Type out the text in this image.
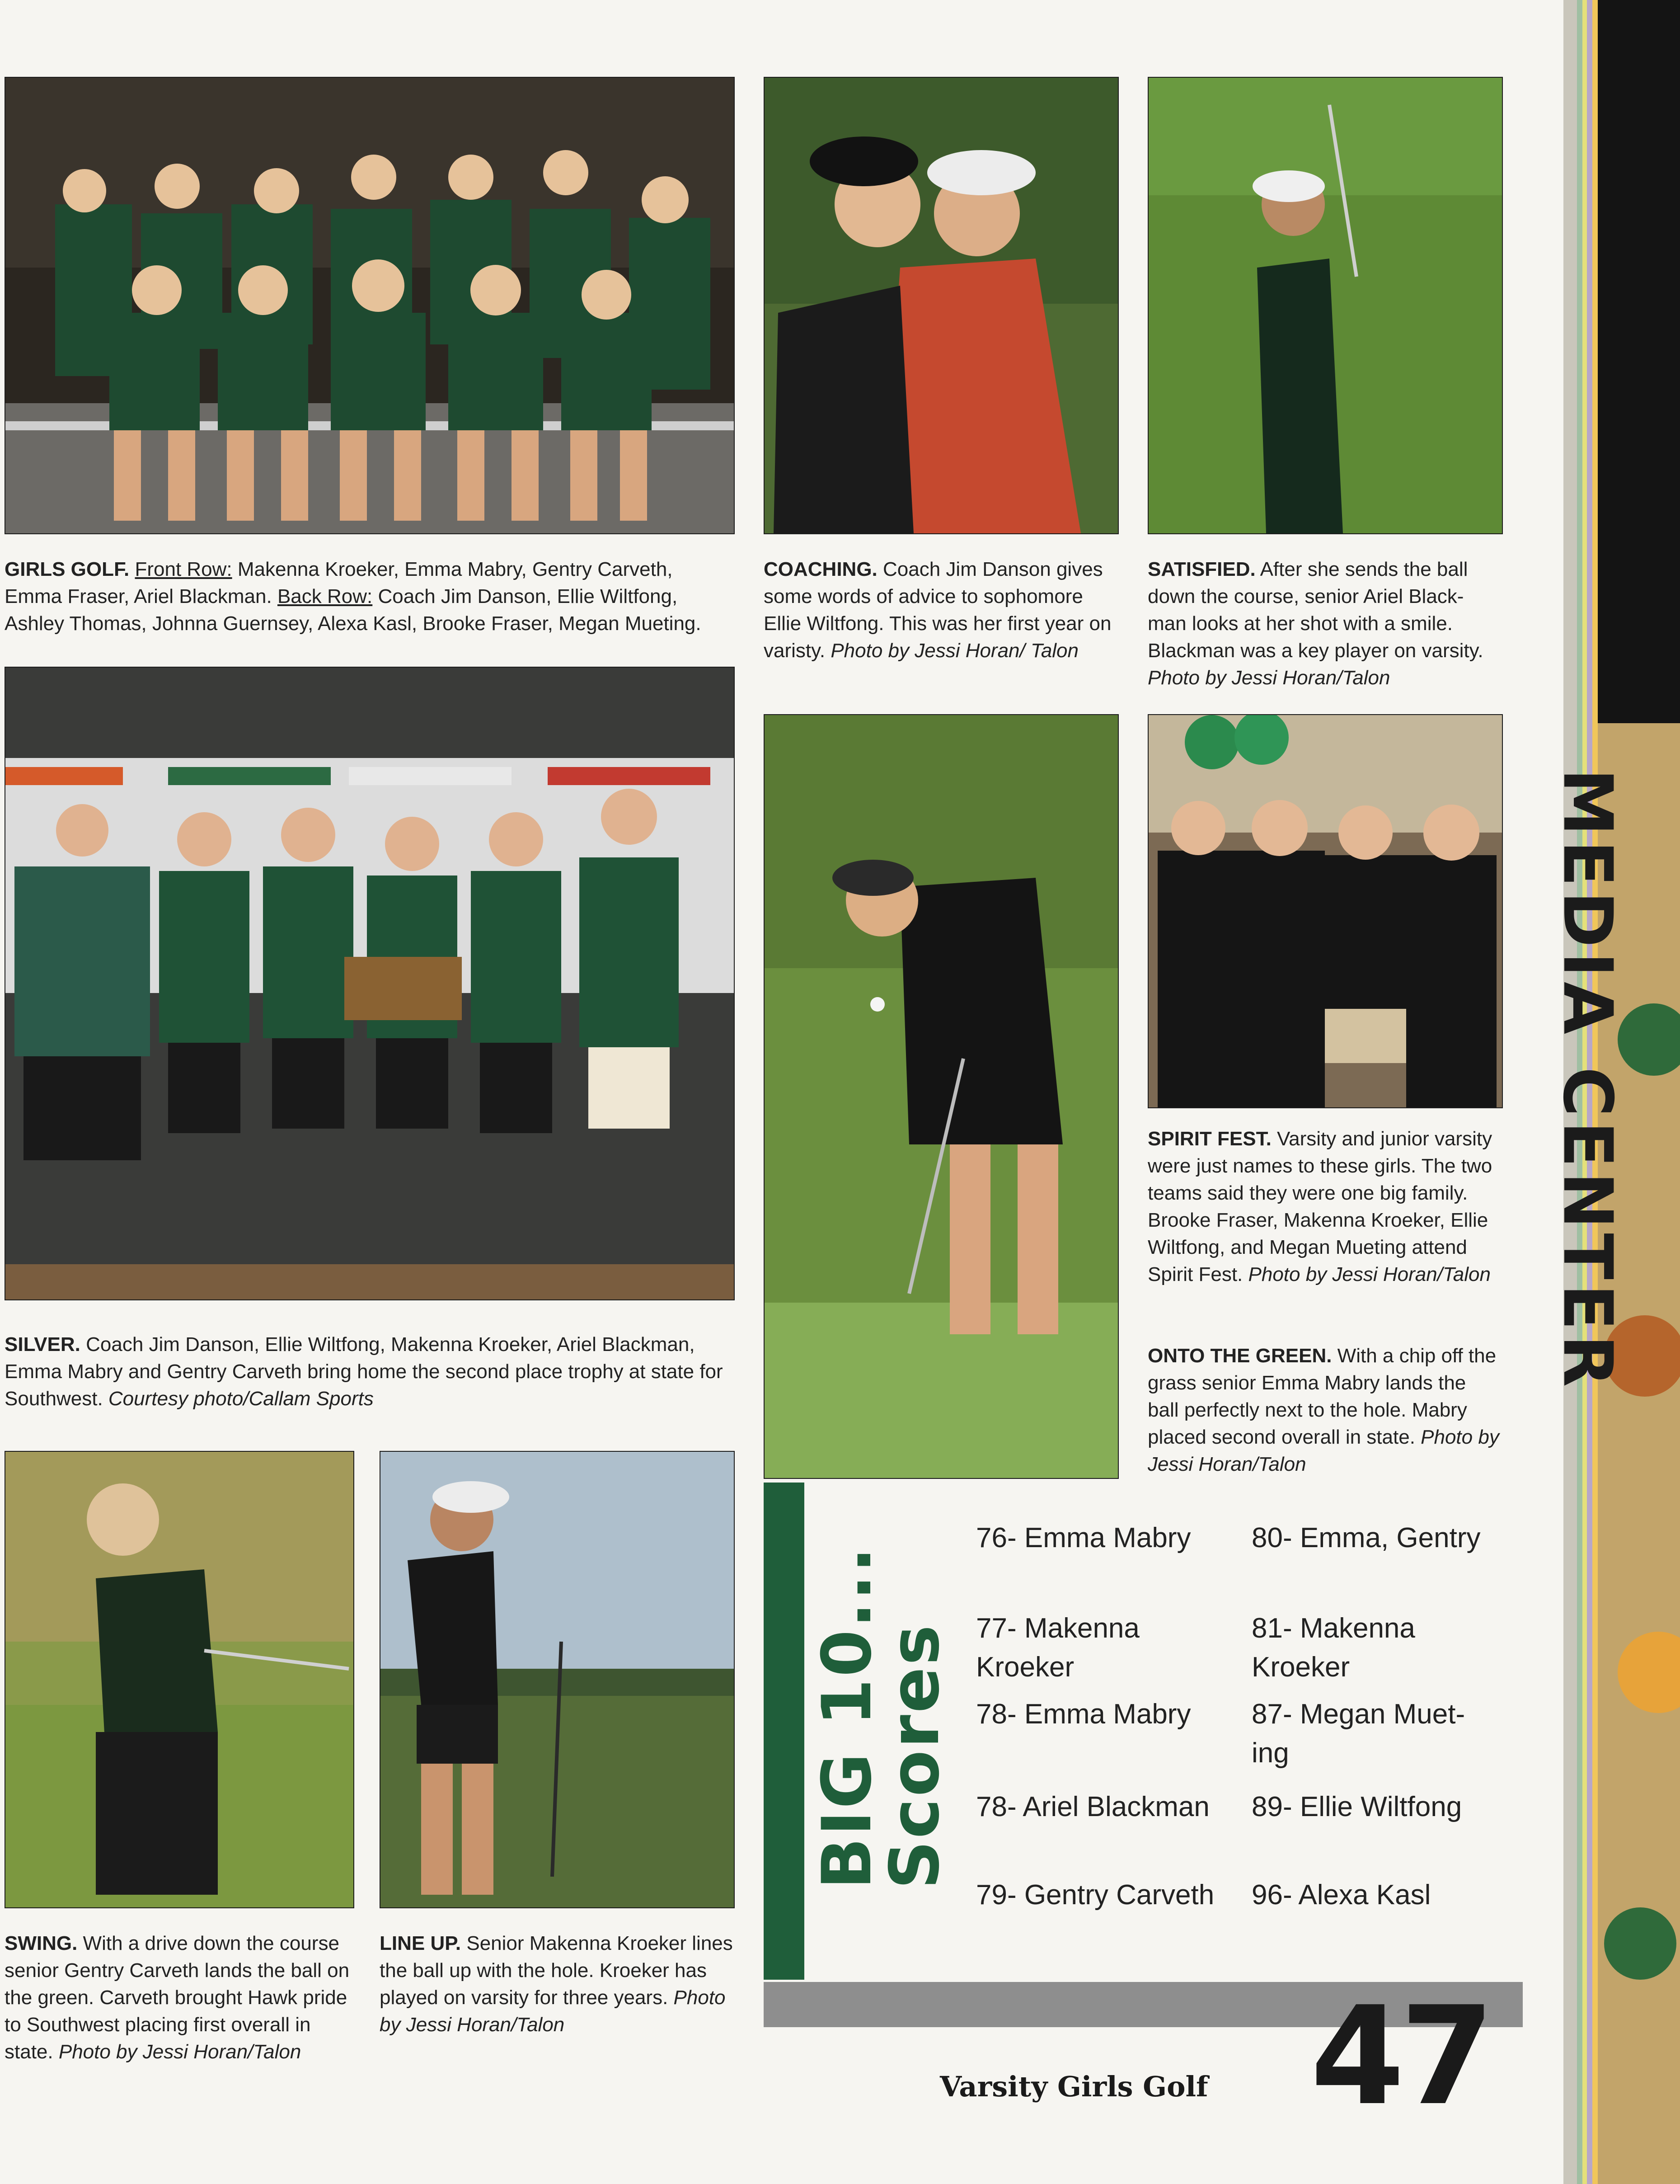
GIRLS GOLF. Front Row: Makenna Kroeker, Emma Mabry, Gentry Carveth, Emma Fraser, Ariel Blackman. Back Row: Coach Jim Danson, Ellie Wiltfong, Ashley Thomas, Johnna Guernsey, Alexa Kasl, Brooke Fraser, Megan Mueting.
COACHING. Coach Jim Danson gives some words of advice to sophomore Ellie Wiltfong. This was her first year on varisty. Photo by Jessi Horan/ Talon
SATISFIED. After she sends the ball down the course, senior Ariel Black-man looks at her shot with a smile. Blackman was a key player on varsity. Photo by Jessi Horan/Talon
SILVER. Coach Jim Danson, Ellie Wiltfong, Makenna Kroeker, Ariel Blackman, Emma Mabry and Gentry Carveth bring home the second place trophy at state for Southwest. Courtesy photo/Callam Sports
SPIRIT FEST. Varsity and junior varsity were just names to these girls. The two teams said they were one big family. Brooke Fraser, Makenna Kroeker, Ellie Wiltfong, and Megan Mueting attend Spirit Fest. Photo by Jessi Horan/Talon
ONTO THE GREEN. With a chip off the grass senior Emma Mabry lands the ball perfectly next to the hole. Mabry placed second overall in state. Photo by Jessi Horan/Talon
SWING. With a drive down the course senior Gentry Carveth lands the ball on the green. Carveth brought Hawk pride to Southwest placing first overall in state. Photo by Jessi Horan/Talon
LINE UP. Senior Makenna Kroeker lines the ball up with the hole. Kroeker has played on varsity for three years. Photo by Jessi Horan/Talon
BIG 10...
Scores
76- Emma Mabry
77- Makenna Kroeker
78- Emma Mabry
78- Ariel Blackman
79- Gentry Carveth
80- Emma, Gentry
81- Makenna Kroeker
87- Megan Muet-ing
89- Ellie Wiltfong
96- Alexa Kasl
47
Varsity Girls Golf
MEDIA CENTER
